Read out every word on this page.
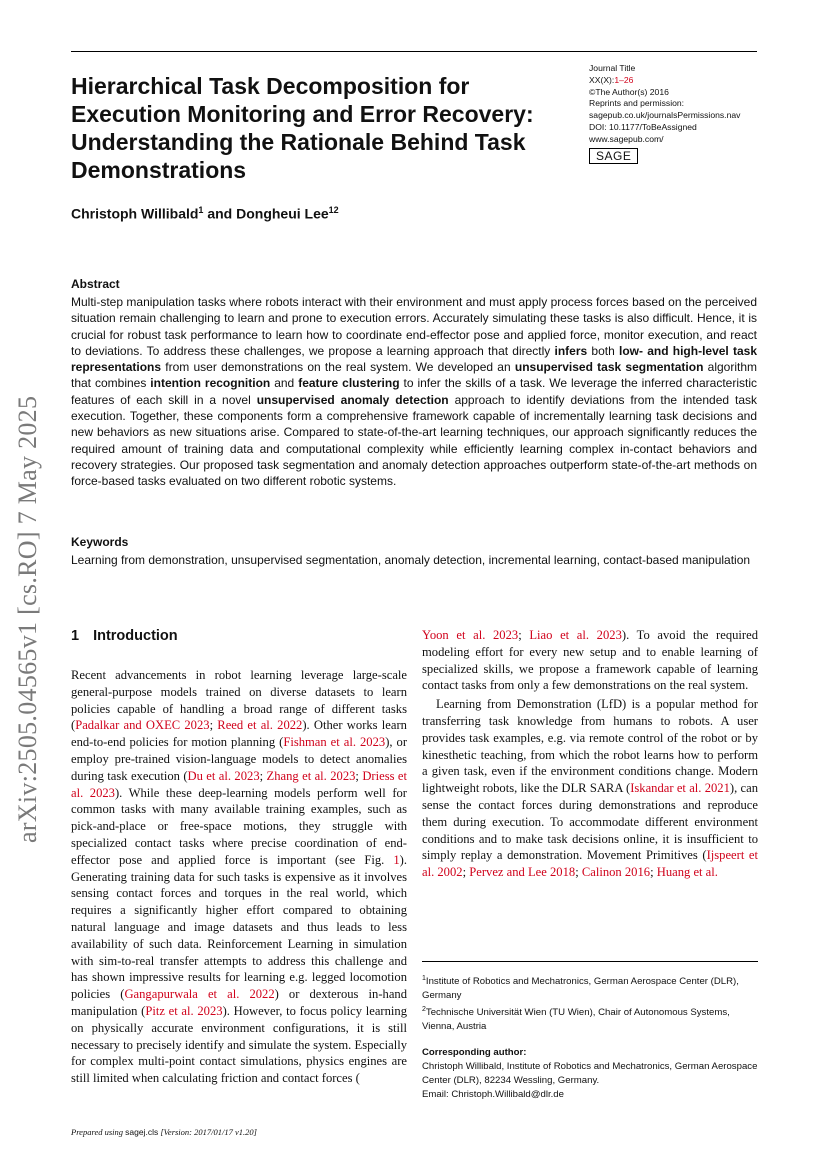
Hierarchical Task Decomposition for Execution Monitoring and Error Recovery: Understanding the Rationale Behind Task Demonstrations
Journal Title
XX(X):1–26
©The Author(s) 2016
Reprints and permission:
sagepub.co.uk/journalsPermissions.nav
DOI: 10.1177/ToBeAssigned
www.sagepub.com/
SAGE
Christoph Willibald$^1$ and Dongheui Lee$^{12}$
arXiv:2505.04565v1 [cs.RO] 7 May 2025

Abstract

Multi-step manipulation tasks where robots interact with their environment and must apply process forces based on the perceived situation remain challenging to learn and prone to execution errors. Accurately simulating these tasks is also difficult. Hence, it is crucial for robust task performance to learn how to coordinate end-effector pose and applied force, monitor execution, and react to deviations. To address these challenges, we propose a learning approach that directly infers both low- and high-level task representations from user demonstrations on the real system. We developed an unsupervised task segmentation algorithm that combines intention recognition and feature clustering to infer the skills of a task. We leverage the inferred characteristic features of each skill in a novel unsupervised anomaly detection approach to identify deviations from the intended task execution. Together, these components form a comprehensive framework capable of incrementally learning task decisions and new behaviors as new situations arise. Compared to state-of-the-art learning techniques, our approach significantly reduces the required amount of training data and computational complexity while efficiently learning complex in-contact behaviors and recovery strategies. Our proposed task segmentation and anomaly detection approaches outperform state-of-the-art methods on force-based tasks evaluated on two different robotic systems.

Keywords

Learning from demonstration, unsupervised segmentation, anomaly detection, incremental learning, contact-based manipulation

1 Introduction

Recent advancements in robot learning leverage large-scale general-purpose models trained on diverse datasets to learn policies capable of handling a broad range of different tasks (Padalkar and OXEC 2023; Reed et al. 2022). Other works learn end-to-end policies for motion planning (Fishman et al. 2023), or employ pre-trained vision-language models to detect anomalies during task execution (Du et al. 2023; Zhang et al. 2023; Driess et al. 2023). While these deep-learning models perform well for common tasks with many available training examples, such as pick-and-place or free-space motions, they struggle with specialized contact tasks where precise coordination of end-effector pose and applied force is important (see Fig. 1). Generating training data for such tasks is expensive as it involves sensing contact forces and torques in the real world, which requires a significantly higher effort compared to obtaining natural language and image datasets and thus leads to less availability of such data. Reinforcement Learning in simulation with sim-to-real transfer attempts to address this challenge and has shown impressive results for learning e.g. legged locomotion policies (Gangapurwala et al. 2022) or dexterous in-hand manipulation (Pitz et al. 2023). However, to focus policy learning on physically accurate environment configurations, it is still necessary to precisely identify and simulate the system. Especially for complex multi-point contact simulations, physics engines are still limited when calculating friction and contact forces (

Yoon et al. 2023; Liao et al. 2023). To avoid the required modeling effort for every new setup and to enable learning of specialized skills, we propose a framework capable of learning contact tasks from only a few demonstrations on the real system.

Learning from Demonstration (LfD) is a popular method for transferring task knowledge from humans to robots. A user provides task examples, e.g. via remote control of the robot or by kinesthetic teaching, from which the robot learns how to perform a given task, even if the environment conditions change. Modern lightweight robots, like the DLR SARA (Iskandar et al. 2021), can sense the contact forces during demonstrations and reproduce them during execution. To accommodate different environment conditions and to make task decisions online, it is insufficient to simply replay a demonstration. Movement Primitives (Ijspeert et al. 2002; Pervez and Lee 2018; Calinon 2016; Huang et al.

$^1$Institute of Robotics and Mechatronics, German Aerospace Center (DLR), Germany

$^2$Technische Universität Wien (TU Wien), Chair of Autonomous Systems, Vienna, Austria

Corresponding author:

Christoph Willibald, Institute of Robotics and Mechatronics, German Aerospace Center (DLR), 82234 Wessling, Germany.

Email: Christoph.Willibald@dlr.de

Prepared using sagej.cls [Version: 2017/01/17 v1.20]
